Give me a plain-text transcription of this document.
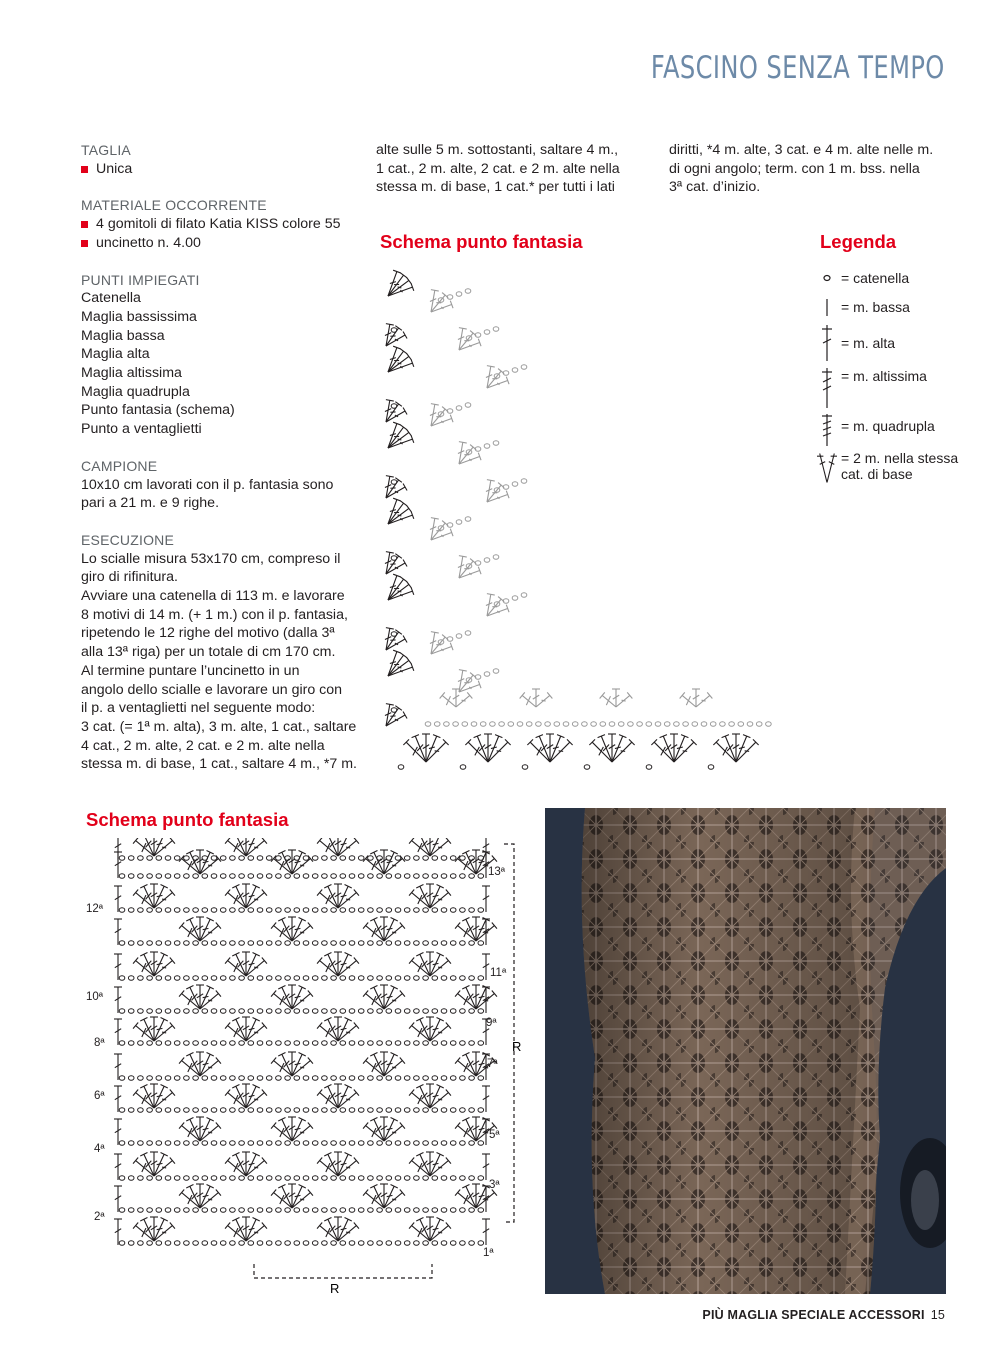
FASCINO SENZA TEMPO
TAGLIA
Unica
MATERIALE OCCORRENTE
4 gomitoli di filato Katia KISS colore 55
uncinetto n. 4.00
PUNTI IMPIEGATI
Catenella
Maglia bassissima
Maglia bassa
Maglia alta
Maglia altissima
Maglia quadrupla
Punto fantasia (schema)
Punto a ventaglietti
CAMPIONE
10x10 cm lavorati con il p. fantasia sono
pari a 21 m. e 9 righe.
ESECUZIONE
Lo scialle misura 53x170 cm, compreso il
giro di rifinitura.
Avviare una catenella di 113 m. e lavorare
8 motivi di 14 m. (+ 1 m.) con il p. fantasia,
ripetendo le 12 righe del motivo (dalla 3ª
alla 13ª riga) per un totale di cm 170 cm.
Al termine puntare l’uncinetto in un
angolo dello scialle e lavorare un giro con
il p. a ventaglietti nel seguente modo:
3 cat. (= 1ª m. alta), 3 m. alte, 1 cat., saltare
4 cat., 2 m. alte, 2 cat. e 2 m. alte nella
stessa m. di base, 1 cat., saltare 4 m., *7 m.
alte sulle 5 m. sottostanti, saltare 4 m.,
1 cat., 2 m. alte, 2 cat. e 2 m. alte nella
stessa m. di base, 1 cat.* per tutti i lati
diritti, *4 m. alte, 3 cat. e 4 m. alte nelle m.
di ogni angolo; term. con 1 m. bss. nella
3ª cat. d’inizio.
Schema punto fantasia	Legenda
= catenella
= m. bassa
= m. alta
= m. altissima
= m. quadrupla
= 2 m. nella stessa
cat. di base
Schema punto fantasia
R
R
13ª
11ª
9ª
7ª
5ª
3ª
1ª
12ª
10ª
8ª
6ª
4ª
2ª
PIÙ MAGLIA SPECIALE ACCESSORI 15
